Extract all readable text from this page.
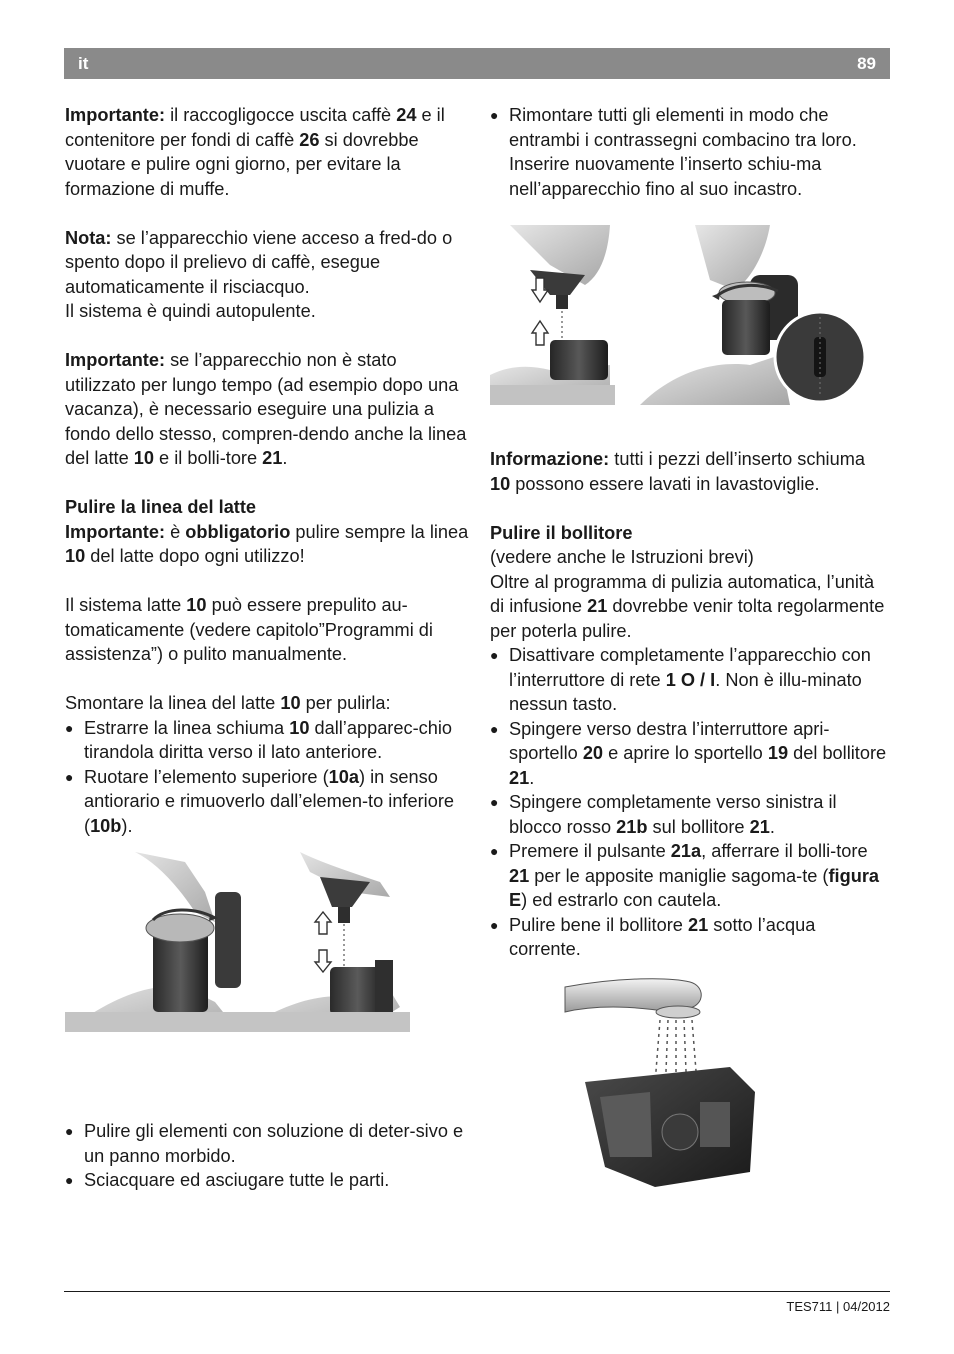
it	89

Importante: il raccogligocce uscita caffè 24 e il contenitore per fondi di caffè 26 si dovrebbe vuotare e pulire ogni giorno, per evitare la formazione di muffe.

Nota: se l’apparecchio viene acceso a fred-do o spento dopo il prelievo di caffè, esegue automaticamente il risciacquo.
Il sistema è quindi autopulente.

Importante: se l’apparecchio non è stato utilizzato per lungo tempo (ad esempio dopo una vacanza), è necessario eseguire una pulizia a fondo dello stesso, compren-dendo anche la linea del latte 10 e il bolli-tore 21.

Pulire la linea del latte

Importante: è obbligatorio pulire sempre la linea 10 del latte dopo ogni utilizzo!

Il sistema latte 10 può essere prepulito au-tomaticamente (vedere capitolo”Programmi di assistenza”) o pulito manualmente.

Smontare la linea del latte 10 per pulirla:

● Estrarre la linea schiuma 10 dall’apparec-chio tirandola diritta verso il lato anteriore.
● Ruotare l’elemento superiore (10a) in senso antiorario e rimuoverlo dall’elemen-to inferiore (10b).
● Pulire gli elementi con soluzione di deter-sivo e un panno morbido.
● Sciacquare ed asciugare tutte le parti.
● Rimontare tutti gli elementi in modo che entrambi i contrassegni combacino tra loro. Inserire nuovamente l’inserto schiu-ma nell’apparecchio fino al suo incastro.

Informazione: tutti i pezzi dell’inserto schiuma 10 possono essere lavati in lavastoviglie.

Pulire il bollitore

(vedere anche le Istruzioni brevi)
Oltre al programma di pulizia automatica, l’unità di infusione 21 dovrebbe venir tolta regolarmente per poterla pulire.

● Disattivare completamente l’apparecchio con l’interruttore di rete 1 O / I. Non è illu-minato nessun tasto.
● Spingere verso destra l’interruttore apri-sportello 20 e aprire lo sportello 19 del bollitore 21.
● Spingere completamente verso sinistra il blocco rosso 21b sul bollitore 21.
● Premere il pulsante 21a, afferrare il bolli-tore 21 per le apposite maniglie sagoma-te (figura E) ed estrarlo con cautela.
● Pulire bene il bollitore 21 sotto l’acqua corrente.
TES711 | 04/2012
